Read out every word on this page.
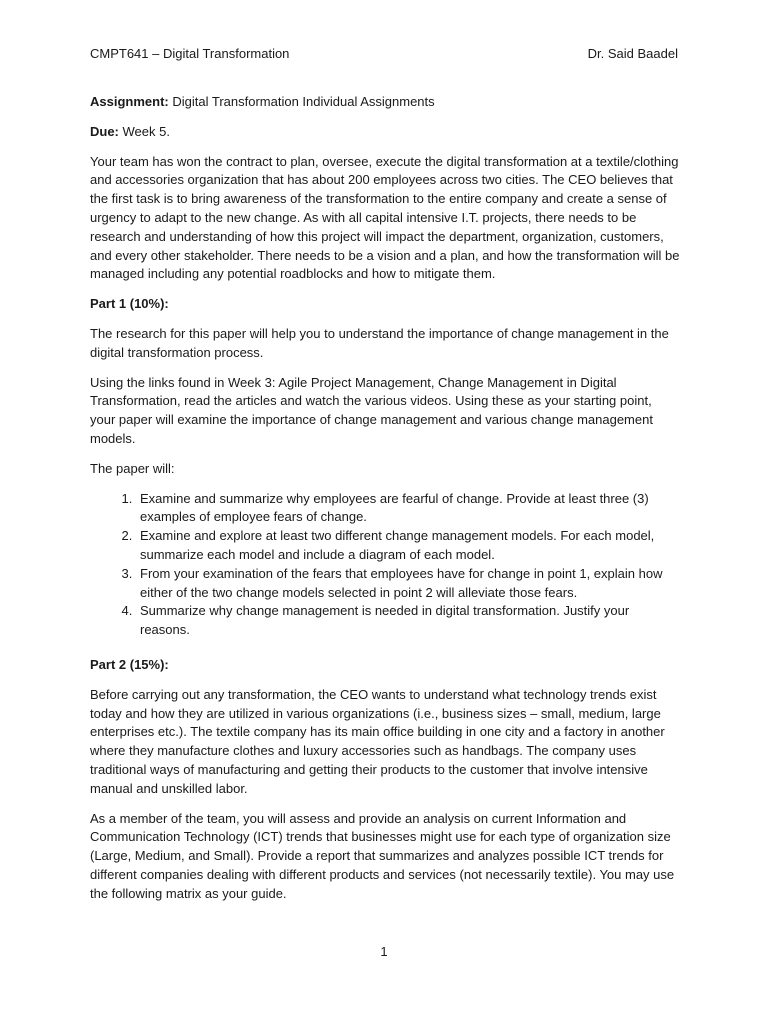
CMPT641 – Digital Transformation	Dr. Said Baadel

Assignment: Digital Transformation Individual Assignments

Due: Week 5.

Your team has won the contract to plan, oversee, execute the digital transformation at a textile/clothing and accessories organization that has about 200 employees across two cities. The CEO believes that the first task is to bring awareness of the transformation to the entire company and create a sense of urgency to adapt to the new change. As with all capital intensive I.T. projects, there needs to be research and understanding of how this project will impact the department, organization, customers, and every other stakeholder. There needs to be a vision and a plan, and how the transformation will be managed including any potential roadblocks and how to mitigate them.

Part 1 (10%):

The research for this paper will help you to understand the importance of change management in the digital transformation process.

Using the links found in Week 3: Agile Project Management, Change Management in Digital Transformation, read the articles and watch the various videos. Using these as your starting point, your paper will examine the importance of change management and various change management models.

The paper will:

1. Examine and summarize why employees are fearful of change. Provide at least three (3) examples of employee fears of change.
2. Examine and explore at least two different change management models. For each model, summarize each model and include a diagram of each model.
3. From your examination of the fears that employees have for change in point 1, explain how either of the two change models selected in point 2 will alleviate those fears.
4. Summarize why change management is needed in digital transformation. Justify your reasons.

Part 2 (15%):

Before carrying out any transformation, the CEO wants to understand what technology trends exist today and how they are utilized in various organizations (i.e., business sizes – small, medium, large enterprises etc.). The textile company has its main office building in one city and a factory in another where they manufacture clothes and luxury accessories such as handbags. The company uses traditional ways of manufacturing and getting their products to the customer that involve intensive manual and unskilled labor.

As a member of the team, you will assess and provide an analysis on current Information and Communication Technology (ICT) trends that businesses might use for each type of organization size (Large, Medium, and Small). Provide a report that summarizes and analyzes possible ICT trends for different companies dealing with different products and services (not necessarily textile). You may use the following matrix as your guide.

1
